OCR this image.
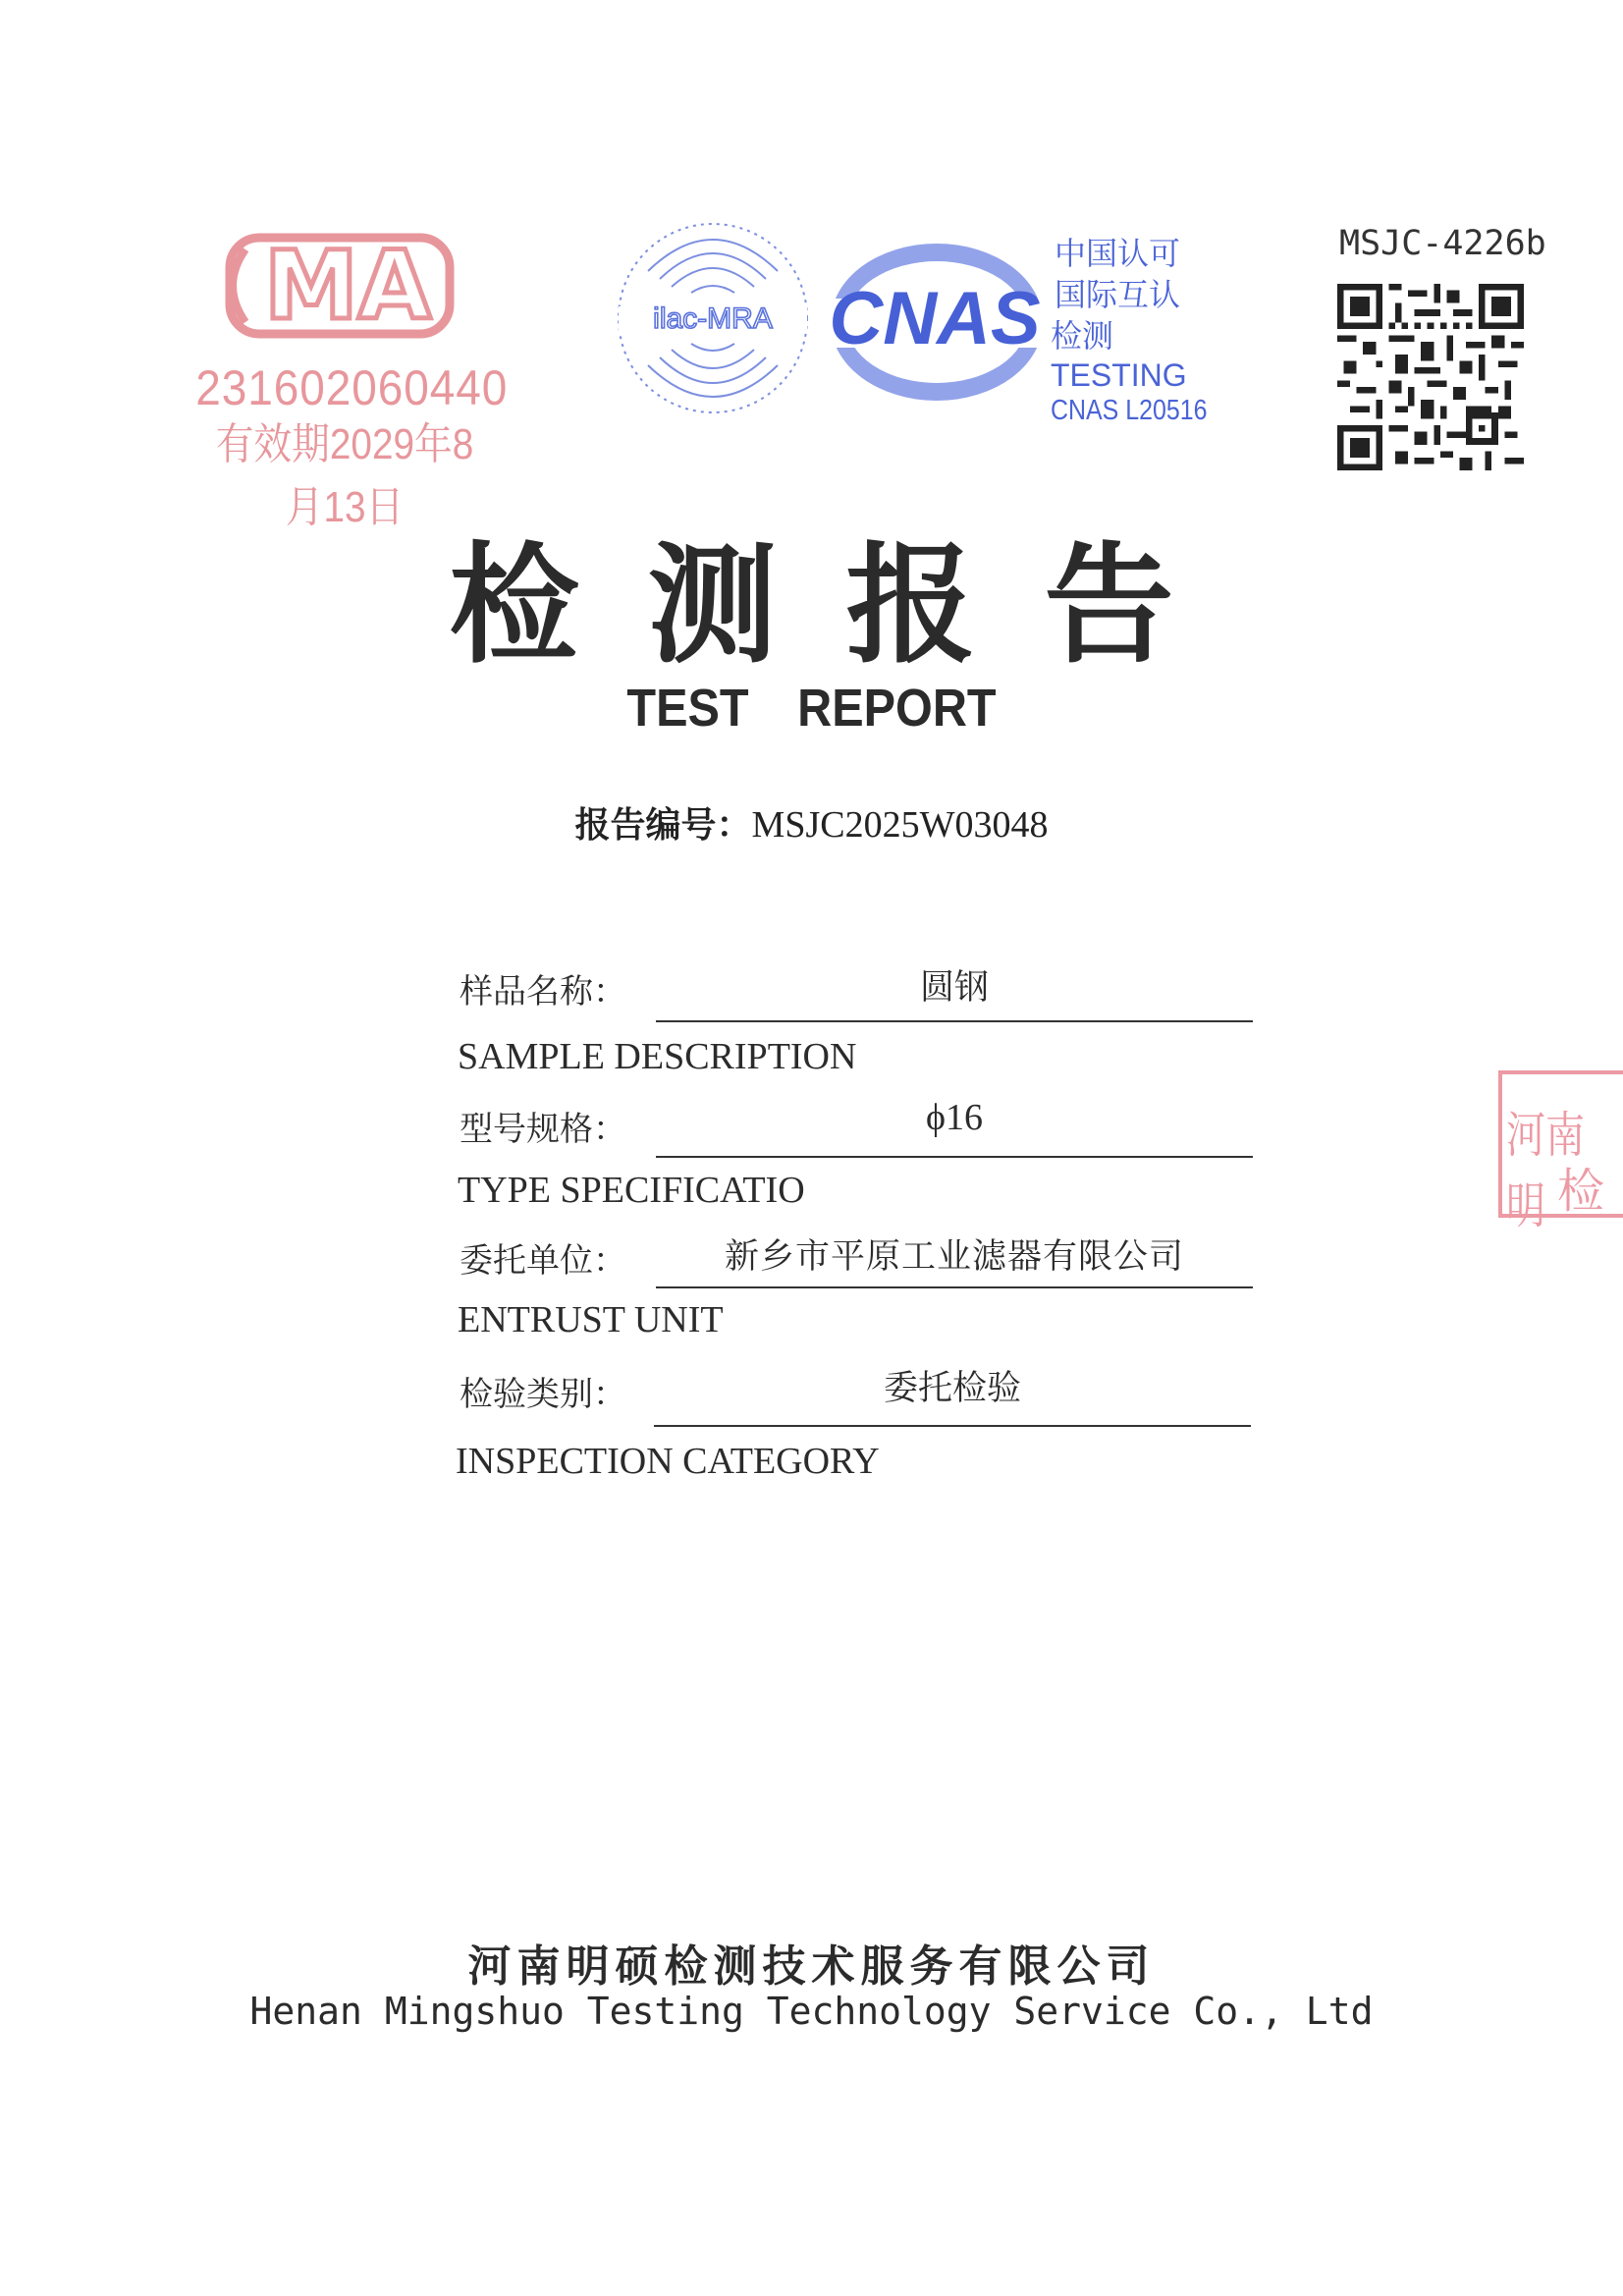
MA
231602060440
有效期2029年8月13日
ilac-MRA CNAS
中国认可
国际互认
检测
TESTING
CNAS L20516
MSJC-4226b
检测报告
TEST REPORT
报告编号：MSJC2025W03048
样品名称：	圆钢
SAMPLE DESCRIPTION
型号规格：	ϕ16
TYPE SPECIFICATIO
委托单位：	新乡市平原工业滤器有限公司
ENTRUST UNIT
检验类别：	委托检验
INSPECTION CATEGORY
河南明 检
河南明硕检测技术服务有限公司
Henan Mingshuo Testing Technology Service Co., Ltd
